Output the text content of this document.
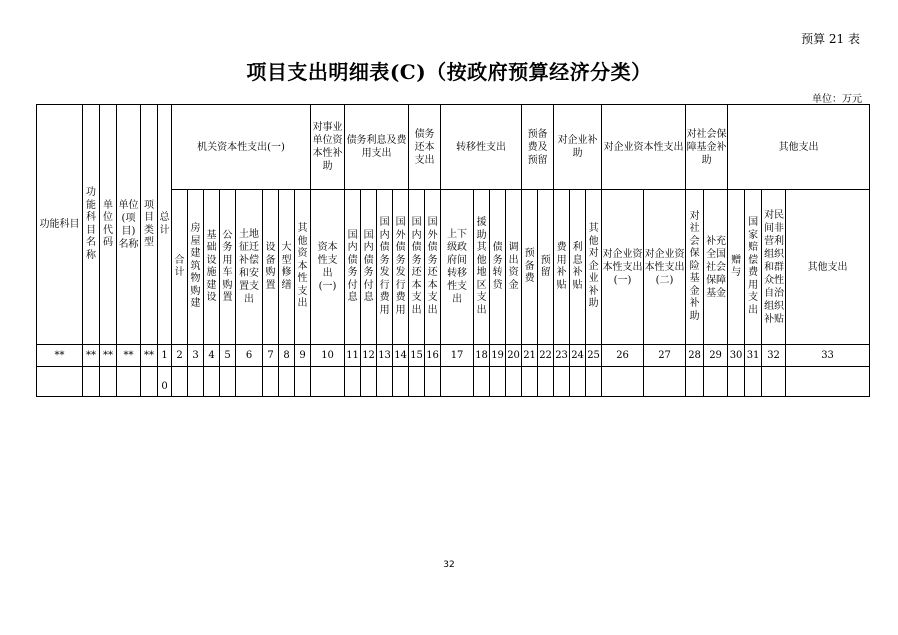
预算 21 表
项目支出明细表(C)（按政府预算经济分类）
单位：万元
功能科目	功能科目名称	单位代码	单位(项目)名称	项目类型	总计	机关资本性支出(一)								对事业单位资本性补助	债务利息及费用支出				债务还本支出		转移性支出				预备费及预留		对企业补助			对企业资本性支出		对社会保障基金补助		其他支出			
						合计	房屋建筑物购建	基础设施建设	公务用车购置	土地征迁补偿和安置支出	设备购置	大型修缮	其他资本性支出	资本性支出(一)	国内债务付息	国内债务付息	国内债务发行费用	国外债务发行费用	国内债务还本支出	国外债务还本支出	上下级政府间转移性支出	援助其他地区支出	债务转贷	调出资金	预备费	预留	费用补贴	利息补贴	其他对企业补助	对企业资本性支出(一)	对企业资本性支出(二)	对社会保险基金补助	补充全国社会保障基金	赠与	国家赔偿费用支出	对民间非营利组织和群众性自治组织补贴	其他支出
**	**	**	**	**	1	2	3	4	5	6	7	8	9	10	11	12	13	14	15	16	17	18	19	20	21	22	23	24	25	26	27	28	29	30	31	32	33
					0																																
32
